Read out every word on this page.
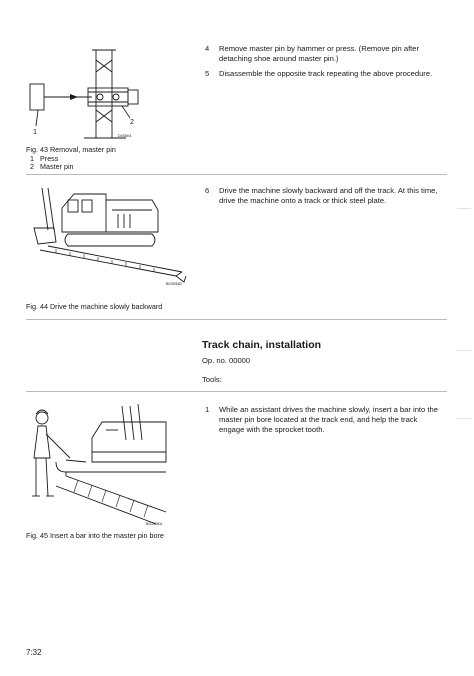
1
2
D4S6K4
Fig. 43 Removal, master pin
1 Press
2 Master pin
4	Remove master pin by hammer or press. (Remove pin after detaching shoe around master pin.)
5	Disassemble the opposite track repeating the above procedure.
BG2BE82
Fig. 44 Drive the machine slowly backward
6	Drive the machine slowly backward and off the track. At this time, drive the machine onto a track or thick steel plate.
Track chain, installation
Op. no. 00000
Tools:
BG2B3KA
Fig. 45 Insert a bar into the master pin bore
1	While an assistant drives the machine slowly, insert a bar into the master pin bore located at the track end, and help the track engage with the sprocket tooth.
7:32
